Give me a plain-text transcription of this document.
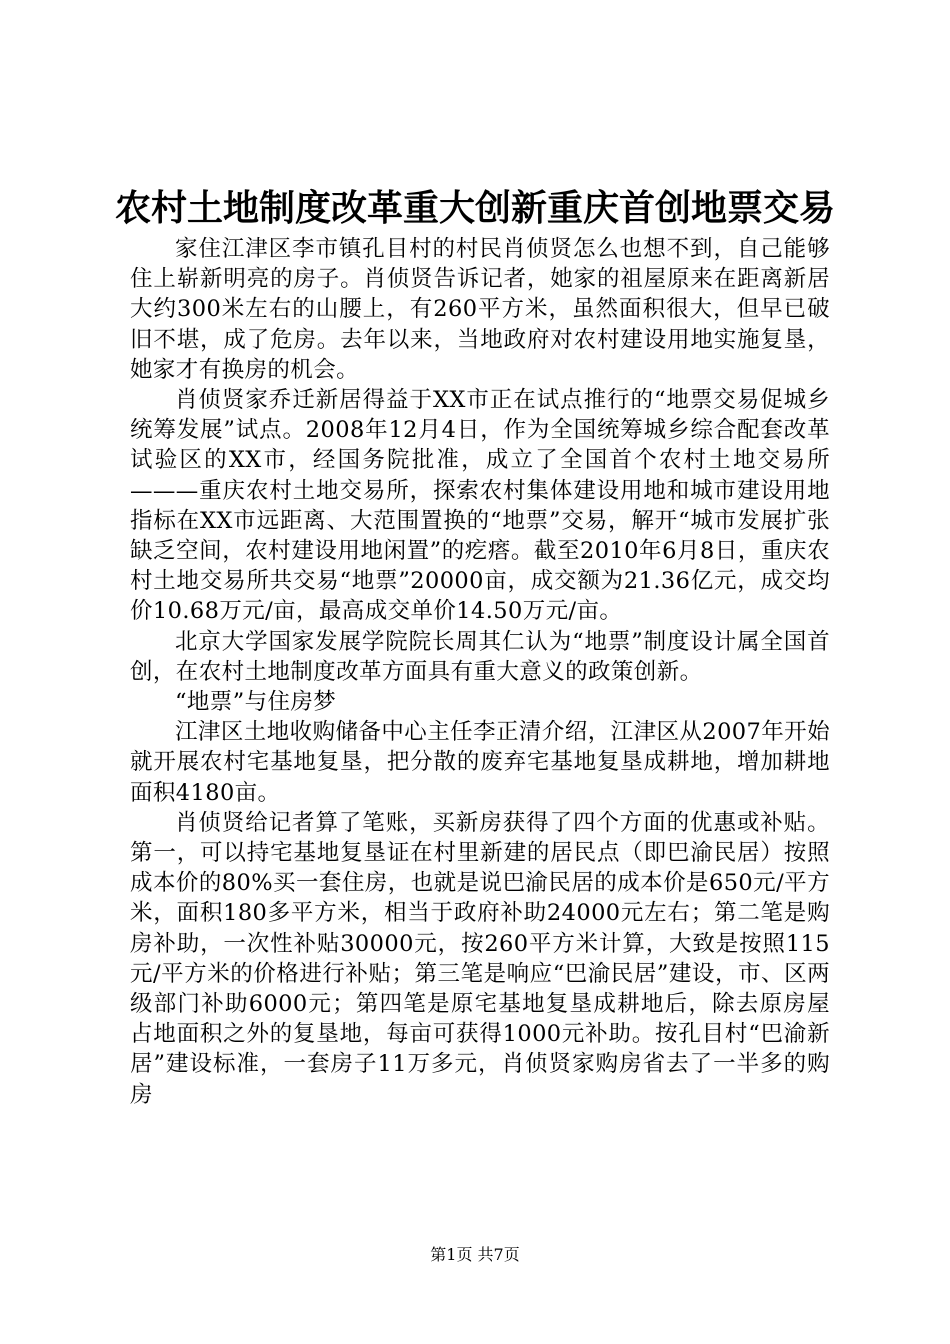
农村土地制度改革重大创新重庆首创地票交易

家住江津区李市镇孔目村的村民肖侦贤怎么也想不到，自己能够住上崭新明亮的房子。肖侦贤告诉记者，她家的祖屋原来在距离新居大约300米左右的山腰上，有260平方米，虽然面积很大，但早已破旧不堪，成了危房。去年以来，当地政府对农村建设用地实施复垦，她家才有换房的机会。

肖侦贤家乔迁新居得益于XX市正在试点推行的“地票交易促城乡统筹发展”试点。2008年12月4日，作为全国统筹城乡综合配套改革试验区的XX市，经国务院批准，成立了全国首个农村土地交易所———重庆农村土地交易所，探索农村集体建设用地和城市建设用地指标在XX市远距离、大范围置换的“地票”交易，解开“城市发展扩张缺乏空间，农村建设用地闲置”的疙瘩。截至2010年6月8日，重庆农村土地交易所共交易“地票”20000亩，成交额为21.36亿元，成交均价10.68万元/亩，最高成交单价14.50万元/亩。

北京大学国家发展学院院长周其仁认为“地票”制度设计属全国首创，在农村土地制度改革方面具有重大意义的政策创新。

“地票”与住房梦

江津区土地收购储备中心主任李正清介绍，江津区从2007年开始就开展农村宅基地复垦，把分散的废弃宅基地复垦成耕地，增加耕地面积4180亩。

肖侦贤给记者算了笔账，买新房获得了四个方面的优惠或补贴。第一，可以持宅基地复垦证在村里新建的居民点（即巴渝民居）按照成本价的80%买一套住房，也就是说巴渝民居的成本价是650元/平方米，面积180多平方米，相当于政府补助24000元左右；第二笔是购房补助，一次性补贴30000元，按260平方米计算，大致是按照115元/平方米的价格进行补贴；第三笔是响应“巴渝民居”建设，市、区两级部门补助6000元；第四笔是原宅基地复垦成耕地后，除去原房屋占地面积之外的复垦地，每亩可获得1000元补助。按孔目村“巴渝新居”建设标准，一套房子11万多元，肖侦贤家购房省去了一半多的购房

第1页 共7页
